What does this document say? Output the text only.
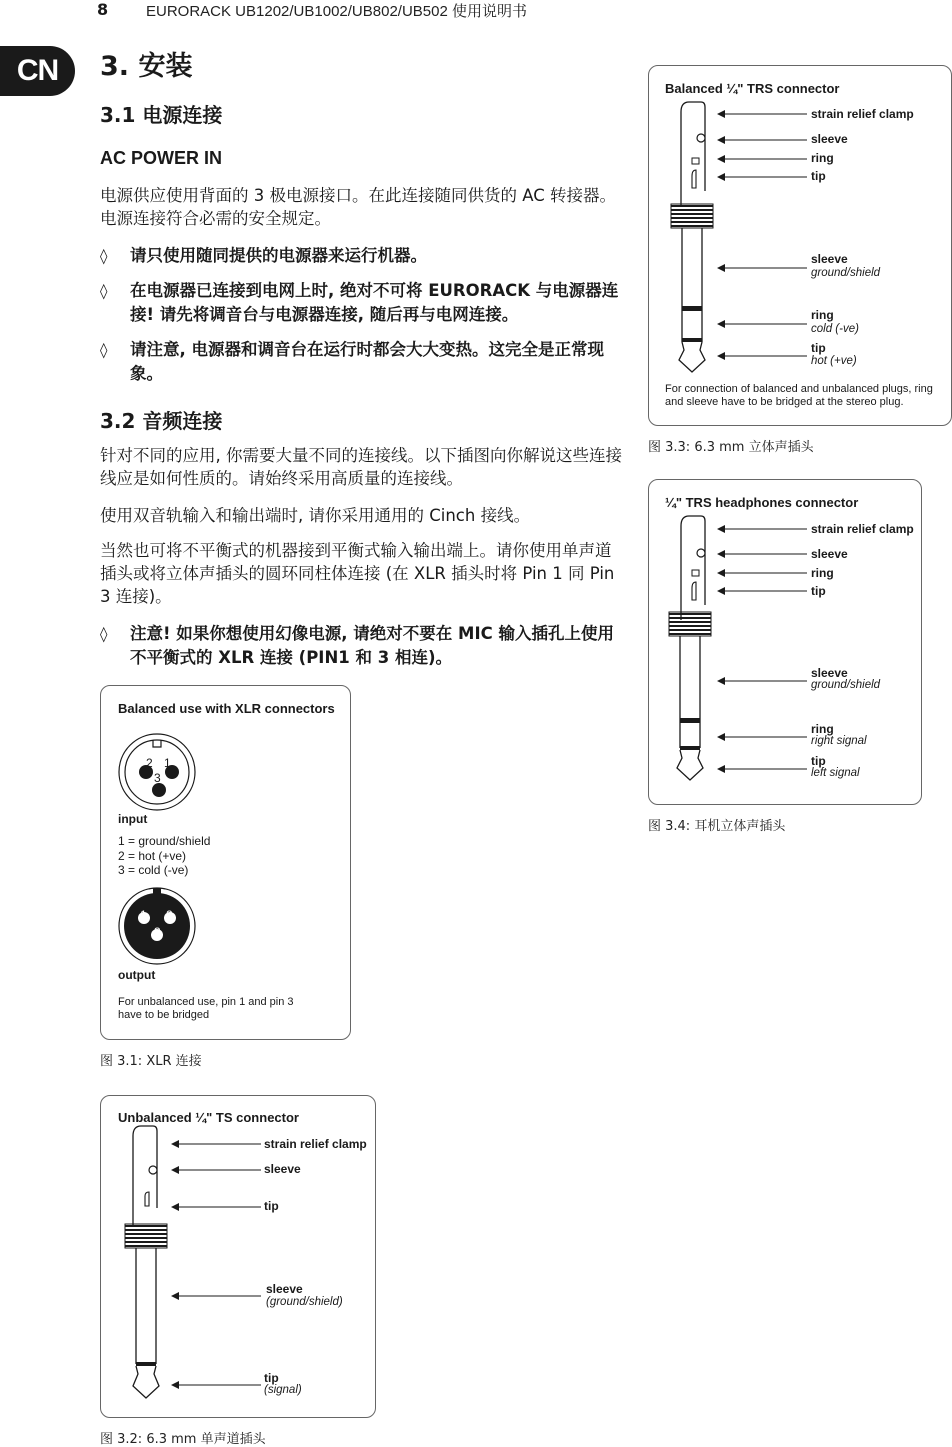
8	EURORACK UB1202/UB1002/UB802/UB502 使用说明书
CN	3. 安装
3.1 电源连接
AC POWER IN
电源供应使用背面的 3 极电源接口。在此连接随同供货的 AC 转接器。电源连接符合必需的安全规定。
◊ 请只使用随同提供的电源器来运行机器。
◊ 在电源器已连接到电网上时, 绝对不可将 EURORACK 与电源器连接! 请先将调音台与电源器连接, 随后再与电网连接。
◊ 请注意, 电源器和调音台在运行时都会大大变热。这完全是正常现象。
3.2 音频连接
针对不同的应用, 你需要大量不同的连接线。以下插图向你解说这些连接线应是如何性质的。请始终采用高质量的连接线。
使用双音轨输入和输出端时, 请你采用通用的 Cinch 接线。
当然也可将不平衡式的机器接到平衡式输入输出端上。请你使用单声道插头或将立体声插头的圆环同柱体连接 (在 XLR 插头时将 Pin 1 同 Pin 3 连接)。
◊ 注意! 如果你想使用幻像电源, 请绝对不要在 MIC 输入插孔上使用不平衡式的 XLR 连接 (PIN1 和 3 相连)。
Balanced use with XLR connectors
2 1
3
input
1 = ground/shield
2 = hot (+ve)
3 = cold (-ve)
1 2
3
output
For unbalanced use, pin 1 and pin 3 have to be bridged
图 3.1: XLR 连接
Unbalanced ¼" TS connector
strain relief clamp
sleeve
tip
sleeve
(ground/shield)
tip
(signal)
图 3.2: 6.3 mm 单声道插头
Balanced ¼" TRS connector
strain relief clamp
sleeve
ring
tip
sleeve
ground/shield
ring
cold (-ve)
tip
hot (+ve)
For connection of balanced and unbalanced plugs, ring and sleeve have to be bridged at the stereo plug.
图 3.3: 6.3 mm 立体声插头
¼" TRS headphones connector
strain relief clamp
sleeve
ring
tip
sleeve
ground/shield
ring
right signal
tip
left signal
图 3.4: 耳机立体声插头
